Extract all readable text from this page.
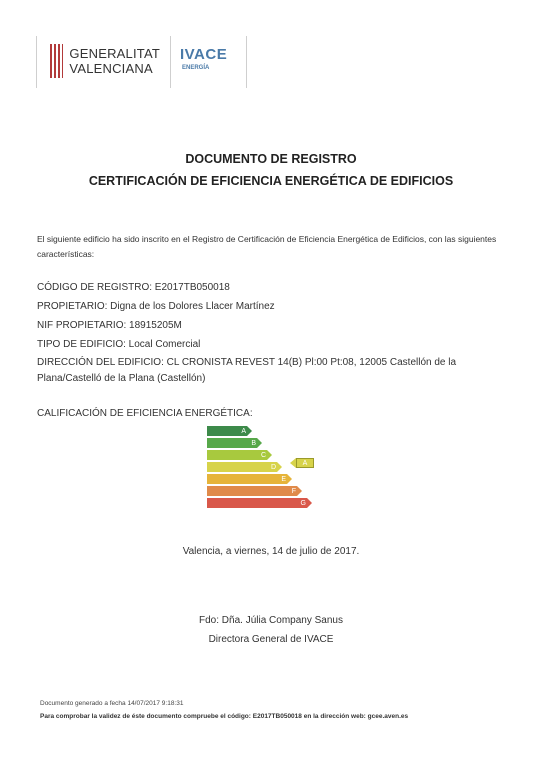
GENERALITAT
VALENCIANA
IVACE
ENERGÍA
DOCUMENTO DE REGISTRO
CERTIFICACIÓN DE EFICIENCIA ENERGÉTICA DE EDIFICIOS
El siguiente edificio ha sido inscrito en el Registro de Certificación de Eficiencia Energética de Edificios, con las siguientes características:
CÓDIGO DE REGISTRO: E2017TB050018
PROPIETARIO: Digna de los Dolores Llacer Martínez
NIF PROPIETARIO: 18915205M
TIPO DE EDIFICIO: Local Comercial
DIRECCIÓN DEL EDIFICIO: CL CRONISTA REVEST 14(B) Pl:00 Pt:08, 12005 Castellón de la
Plana/Castelló de la Plana (Castellón)
CALIFICACIÓN DE EFICIENCIA ENERGÉTICA:
A
B
C
D
E
F
G
A
Valencia, a viernes, 14 de julio de 2017.
Fdo: Dña. Júlia Company Sanus
Directora General de IVACE
Documento generado a fecha 14/07/2017 9:18:31
Para comprobar la validez de éste documento compruebe el código: E2017TB050018 en la dirección web: gcee.aven.es
